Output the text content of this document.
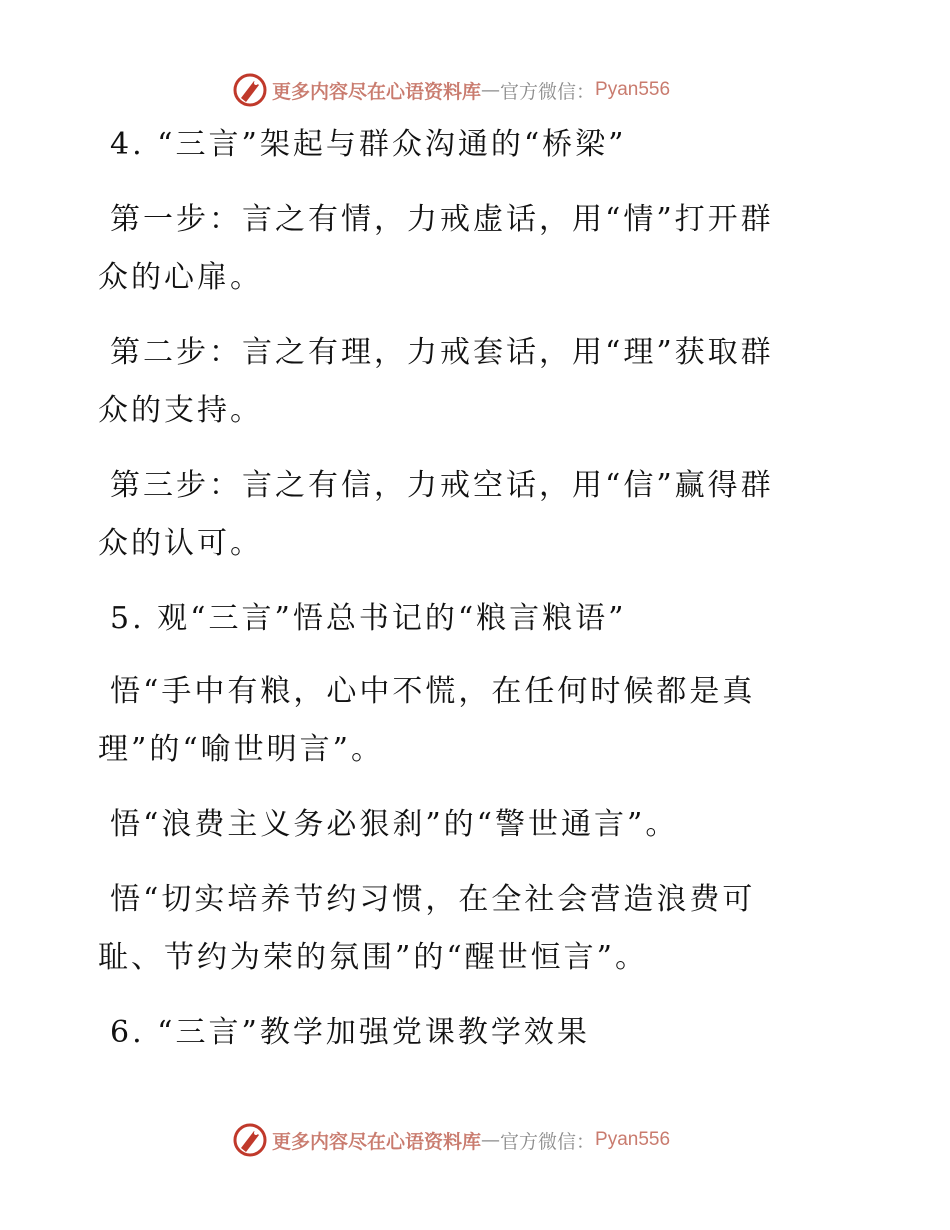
更多内容尽在心语资料库 — 官方微信： Pyan556
4. “三言”架起与群众沟通的“桥梁”
第一步：言之有情，力戒虚话，用“情”打开群
众的心扉。
第二步：言之有理，力戒套话，用“理”获取群
众的支持。
第三步：言之有信，力戒空话，用“信”赢得群
众的认可。
5. 观“三言”悟总书记的“粮言粮语”
悟“手中有粮，心中不慌，在任何时候都是真
理”的“喻世明言”。
悟“浪费主义务必狠刹”的“警世通言”。
悟“切实培养节约习惯，在全社会营造浪费可
耻、节约为荣的氛围”的“醒世恒言”。
6. “三言”教学加强党课教学效果
更多内容尽在心语资料库 — 官方微信： Pyan556
